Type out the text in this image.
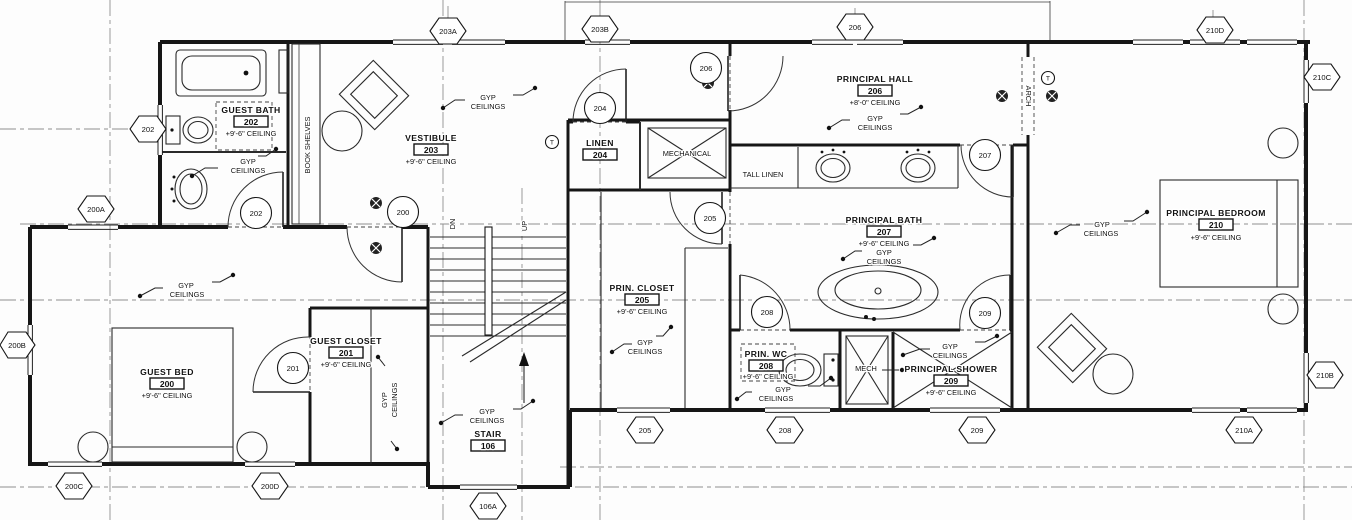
T
T
GUEST BATH
202
+9'-6" CEILING	VESTIBULE
203
+9'-6" CEILING
LINEN
204	MECHANICAL
PRINCIPAL HALL
206
+8'-0" CEILING
GYP
CEILINGS
TALL LINEN
PRIN. CLOSET
205
+9'-6" CEILING
GYP
CEILINGS
PRINCIPAL BATH
207
+9'-6" CEILING
GYP
CEILINGS
PRIN. WC
208
+9'-6" CEILING
GYP
CEILINGS
MECH
GYP
CEILINGS
PRINCIPAL SHOWER
209
+9'-6" CEILING
PRINCIPAL BEDROOM
210
+9'-6" CEILING
GYP
CEILINGS
GUEST BED
200
+9'-6" CEILING
GUEST CLOSET
201
+9'-6" CEILING
GYP
CEILINGS
STAIR
106
GYP
CEILINGS
GYP
CEILINGS
GYP
CEILINGS
BOOK SHELVES
ARCH
DN	UP
GYP CEILINGS
202	200
204
206
205
207
208	209
201
203A	203B	206	210D
210C
210B
210A
209
208
205
106A
200D
200C
200B
200A
202
